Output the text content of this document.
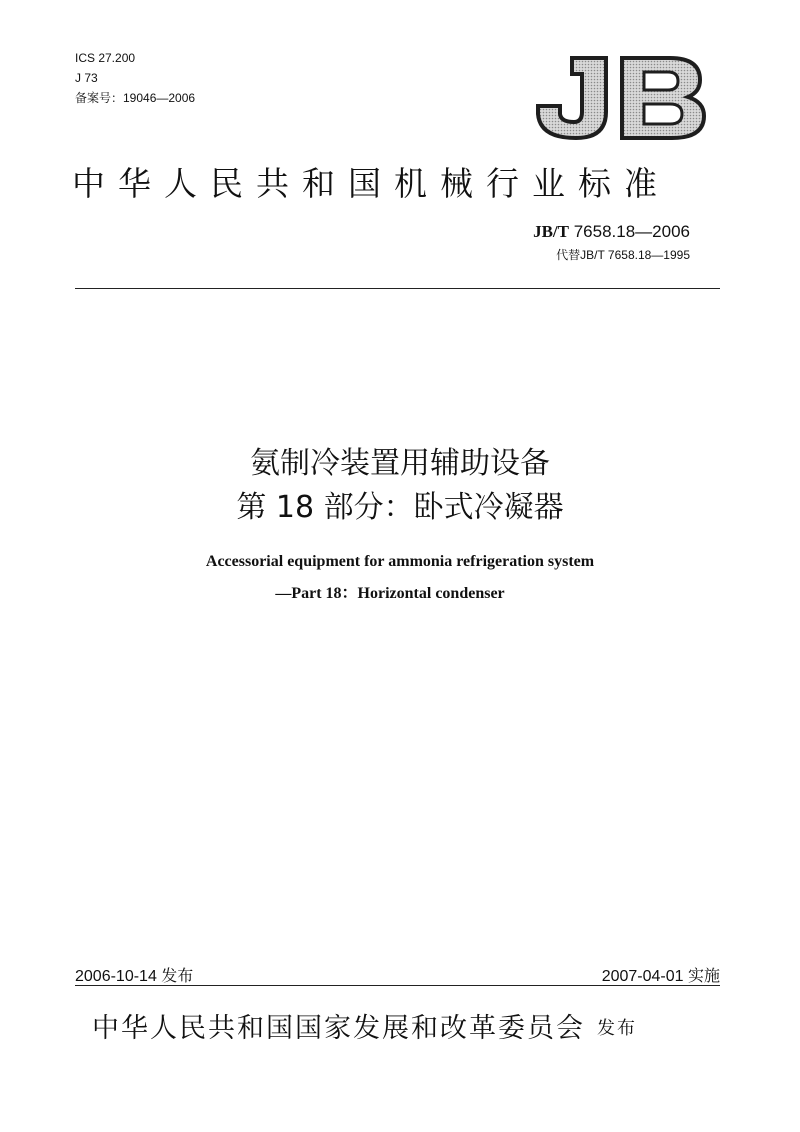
ICS 27.200
J 73
备案号：19046—2006
JB
中华人民共和国机械行业标准
JB/T 7658.18—2006
代替JB/T 7658.18—1995
氨制冷装置用辅助设备
第 18 部分：卧式冷凝器
Accessorial equipment for ammonia refrigeration system
—Part 18：Horizontal condenser
2006-10-14 发布	2007-04-01 实施
中华人民共和国国家发展和改革委员会 发布
